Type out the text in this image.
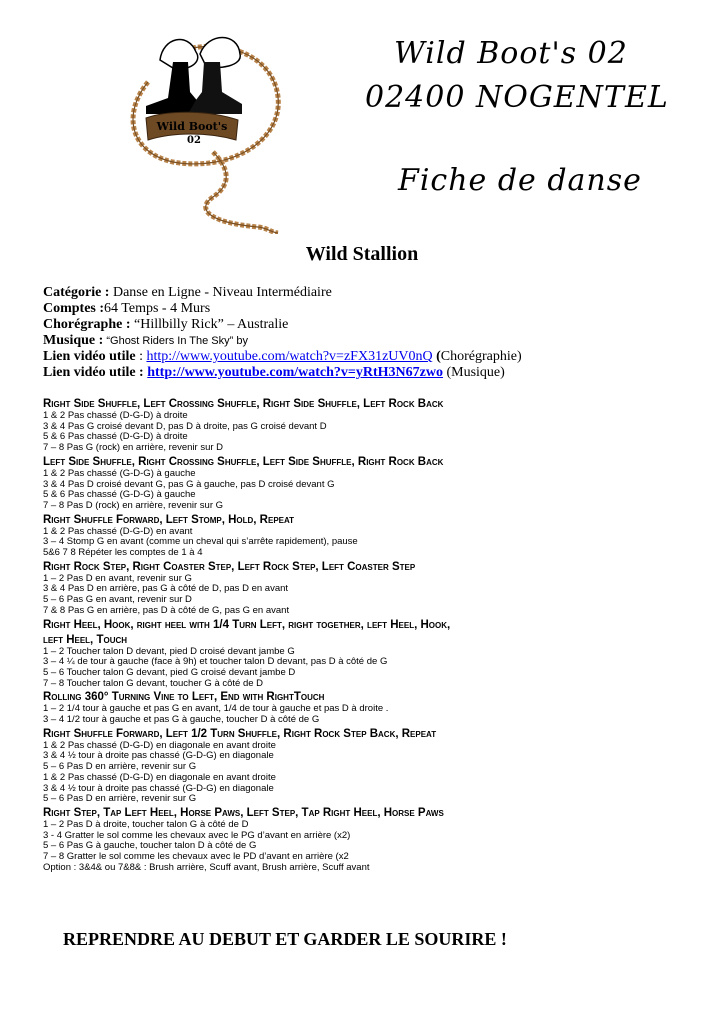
Wild Boot's
02
Wild Boot's 02
02400 NOGENTEL
Fiche de danse
Wild Stallion
Catégorie : Danse en Ligne - Niveau Intermédiaire
Comptes :64 Temps - 4 Murs
Chorégraphe : “Hillbilly Rick” – Australie
Musique : “Ghost Riders In The Sky” by
Lien vidéo utile : http://www.youtube.com/watch?v=zFX31zUV0nQ (Chorégraphie)
Lien vidéo utile : http://www.youtube.com/watch?v=yRtH3N67zwo (Musique)
Right Side Shuffle, Left Crossing Shuffle, Right Side Shuffle, Left Rock Back
1 & 2 Pas chassé (D-G-D) à droite
3 & 4 Pas G croisé devant D, pas D à droite, pas G croisé devant D
5 & 6 Pas chassé (D-G-D) à droite
7 – 8 Pas G (rock) en arrière, revenir sur D
Left Side Shuffle, Right Crossing Shuffle, Left Side Shuffle, Right Rock Back
1 & 2 Pas chassé (G-D-G) à gauche
3 & 4 Pas D croisé devant G, pas G à gauche, pas D croisé devant G
5 & 6 Pas chassé (G-D-G) à gauche
7 – 8 Pas D (rock) en arrière, revenir sur G
Right Shuffle Forward, Left Stomp, Hold, Repeat
1 & 2 Pas chassé (D-G-D) en avant
3 – 4 Stomp G en avant (comme un cheval qui s’arrête rapidement), pause
5&6 7 8 Répéter les comptes de 1 à 4
Right Rock Step, Right Coaster Step, Left Rock Step, Left Coaster Step
1 – 2 Pas D en avant, revenir sur G
3 & 4 Pas D en arrière, pas G à côté de D, pas D en avant
5 – 6 Pas G en avant, revenir sur D
7 & 8 Pas G en arrière, pas D à côté de G, pas G en avant
Right Heel, Hook, right heel with 1/4 Turn Left, right together, left Heel, Hook,
left Heel, Touch
1 – 2 Toucher talon D devant, pied D croisé devant jambe G
3 – 4 ¼ de tour à gauche (face à 9h) et toucher talon D devant, pas D à côté de G
5 – 6 Toucher talon G devant, pied G croisé devant jambe D
7 – 8 Toucher talon G devant, toucher G à côté de D
Rolling 360° Turning Vine to Left, End with RightTouch
1 – 2 1/4 tour à gauche et pas G en avant, 1/4 de tour à gauche et pas D à droite .
3 – 4 1/2 tour à gauche et pas G à gauche, toucher D à côté de G
Right Shuffle Forward, Left 1/2 Turn Shuffle, Right Rock Step Back, Repeat
1 & 2 Pas chassé (D-G-D) en diagonale en avant droite
3 & 4 ½ tour à droite pas chassé (G-D-G) en diagonale
5 – 6 Pas D en arrière, revenir sur G
1 & 2 Pas chassé (D-G-D) en diagonale en avant droite
3 & 4 ½ tour à droite pas chassé (G-D-G) en diagonale
5 – 6 Pas D en arrière, revenir sur G
Right Step, Tap Left Heel, Horse Paws, Left Step, Tap Right Heel, Horse Paws
1 – 2 Pas D à droite, toucher talon G à côté de D
3 - 4 Gratter le sol comme les chevaux avec le PG d’avant en arrière (x2)
5 – 6 Pas G à gauche, toucher talon D à côté de G
7 – 8 Gratter le sol comme les chevaux avec le PD d’avant en arrière (x2
Option : 3&4& ou 7&8& : Brush arrière, Scuff avant, Brush arrière, Scuff avant
REPRENDRE AU DEBUT ET GARDER LE SOURIRE !
